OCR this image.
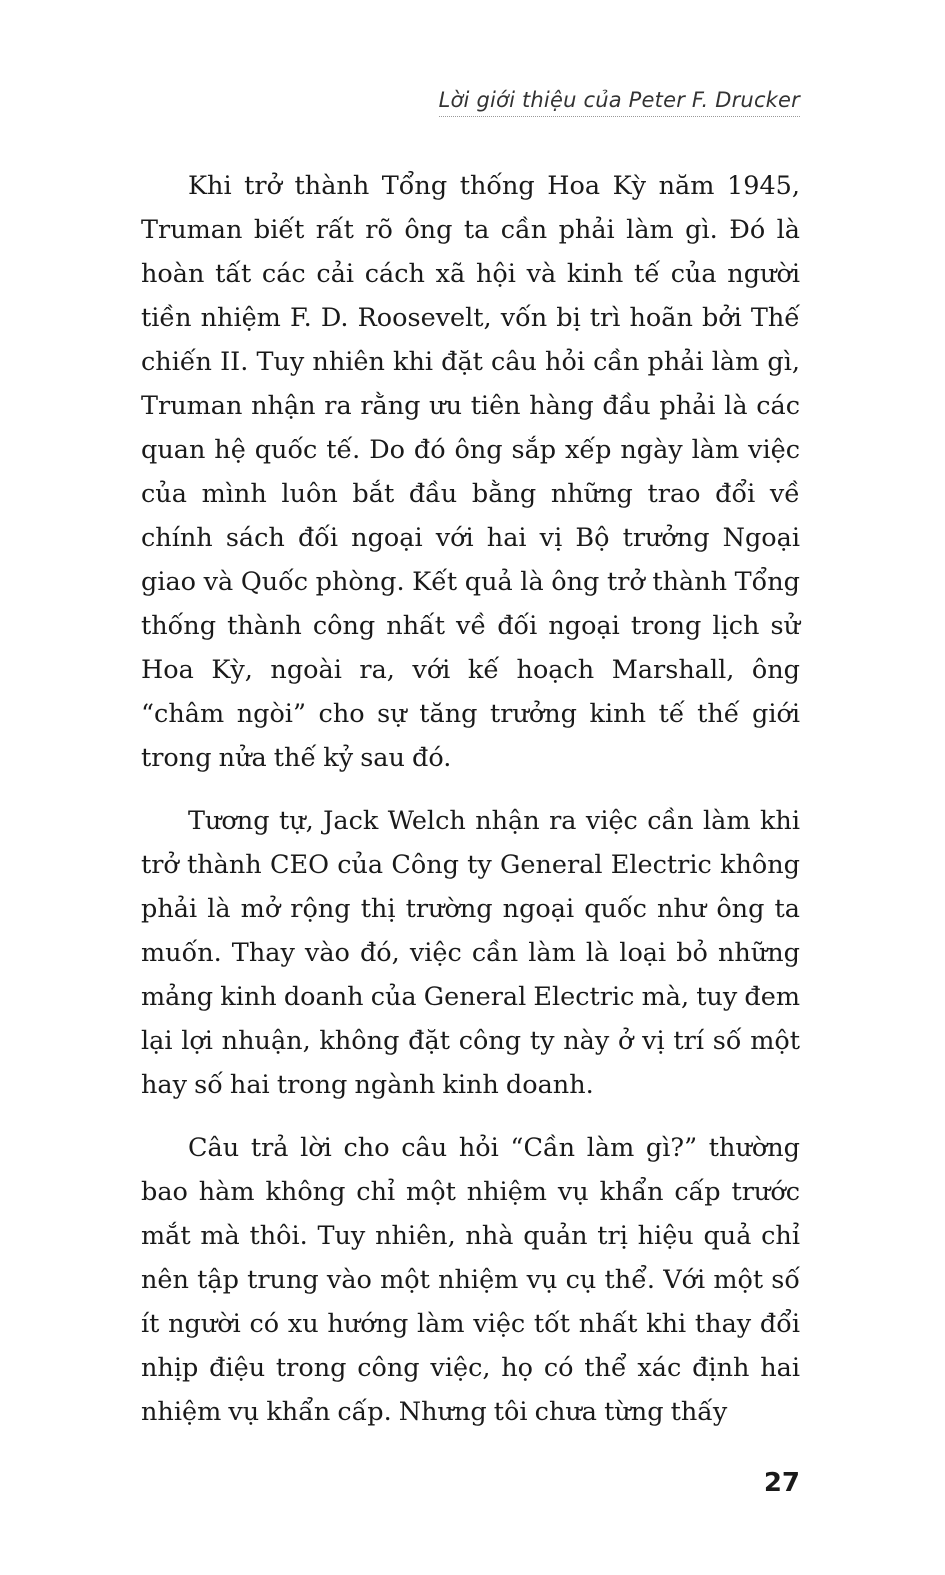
Lời giới thiệu của Peter F. Drucker

Khi trở thành Tổng thống Hoa Kỳ năm 1945, Truman biết rất rõ ông ta cần phải làm gì. Đó là hoàn tất các cải cách xã hội và kinh tế của người tiền nhiệm F. D. Roosevelt, vốn bị trì hoãn bởi Thế chiến II. Tuy nhiên khi đặt câu hỏi cần phải làm gì, Truman nhận ra rằng ưu tiên hàng đầu phải là các quan hệ quốc tế. Do đó ông sắp xếp ngày làm việc của mình luôn bắt đầu bằng những trao đổi về chính sách đối ngoại với hai vị Bộ trưởng Ngoại giao và Quốc phòng. Kết quả là ông trở thành Tổng thống thành công nhất về đối ngoại trong lịch sử Hoa Kỳ, ngoài ra, với kế hoạch Marshall, ông “châm ngòi” cho sự tăng trưởng kinh tế thế giới trong nửa thế kỷ sau đó.

Tương tự, Jack Welch nhận ra việc cần làm khi trở thành CEO của Công ty General Electric không phải là mở rộng thị trường ngoại quốc như ông ta muốn. Thay vào đó, việc cần làm là loại bỏ những mảng kinh doanh của General Electric mà, tuy đem lại lợi nhuận, không đặt công ty này ở vị trí số một hay số hai trong ngành kinh doanh.

Câu trả lời cho câu hỏi “Cần làm gì?” thường bao hàm không chỉ một nhiệm vụ khẩn cấp trước mắt mà thôi. Tuy nhiên, nhà quản trị hiệu quả chỉ nên tập trung vào một nhiệm vụ cụ thể. Với một số ít người có xu hướng làm việc tốt nhất khi thay đổi nhịp điệu trong công việc, họ có thể xác định hai nhiệm vụ khẩn cấp. Nhưng tôi chưa từng thấy

27
